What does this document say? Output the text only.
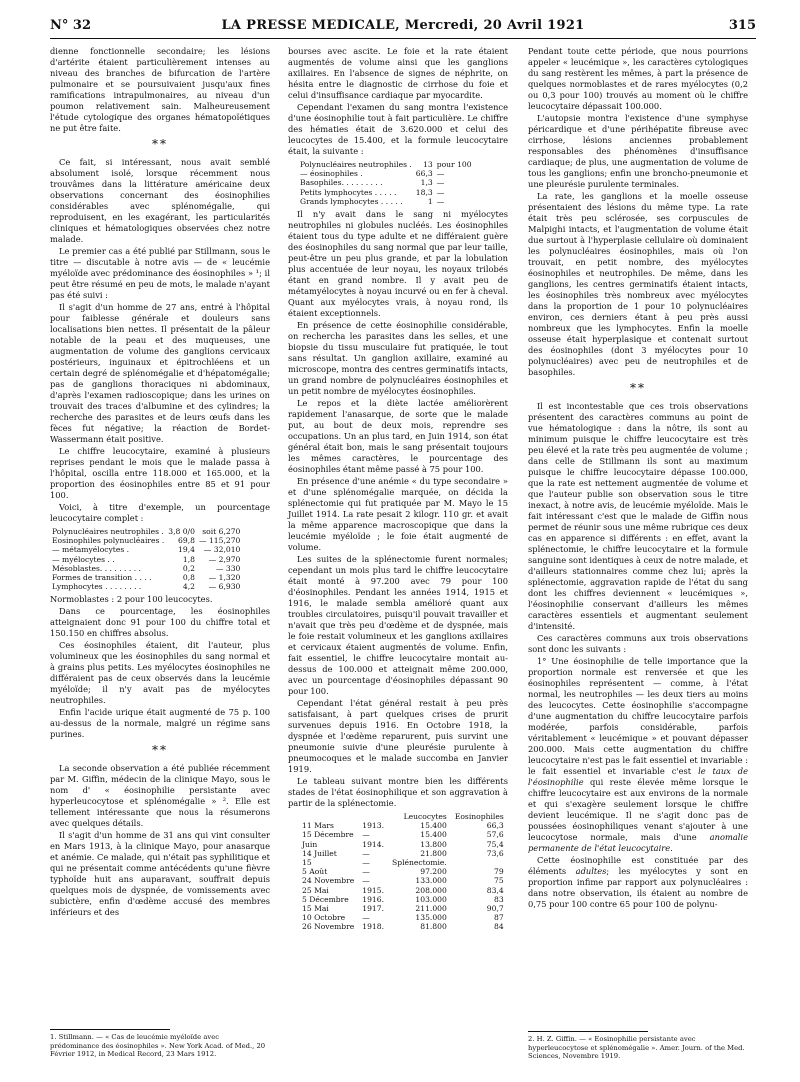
N° 32	LA PRESSE MEDICALE, Mercredi, 20 Avril 1921	315

dienne fonctionnelle secondaire; les lésions d'artérite étaient particulièrement intenses au niveau des branches de bifurcation de l'artère pulmonaire et se poursuivaient jusqu'aux fines ramifications intrapulmonaires, au niveau d'un poumon relativement sain. Malheureusement l'étude cytologique des organes hématopoïétiques ne put être faite.

**

Ce fait, si intéressant, nous avait semblé absolument isolé, lorsque récemment nous trouvâmes dans la littérature américaine deux observations concernant des éosinophilies considérables avec splénomégalie, qui reproduisent, en les exagérant, les particularités cliniques et hématologiques observées chez notre malade.

Le premier cas a été publié par Stillmann, sous le titre — discutable à notre avis — de « leucémie myéloïde avec prédominance des éosinophiles » ¹; il peut être résumé en peu de mots, le malade n'ayant pas été suivi :

Il s'agit d'un homme de 27 ans, entré à l'hôpital pour faiblesse générale et douleurs sans localisations bien nettes. Il présentait de la pâleur notable de la peau et des muqueuses, une augmentation de volume des ganglions cervicaux postérieurs, inguinaux et épitrochléens et un certain degré de splénomégalie et d'hépatomégalie; pas de ganglions thoraciques ni abdominaux, d'après l'examen radioscopique; dans les urines on trouvait des traces d'albumine et des cylindres; la recherche des parasites et de leurs œufs dans les fèces fut négative; la réaction de Bordet-Wassermann était positive.

Le chiffre leucocytaire, examiné à plusieurs reprises pendant le mois que le malade passa à l'hôpital, oscilla entre 118.000 et 165.000, et la proportion des éosinophiles entre 85 et 91 pour 100.

Voici, à titre d'exemple, un pourcentage leucocytaire complet :

Polynucléaires neutrophiles .	3,8 0/0	soit 6,270
Eosinophiles polynucléaires .	69,8	— 115,270
— métamyélocytes .	19,4	— 32,010
— myélocytes . .	1,8	— 2,970
Mésoblastes. . . . . . . . .	0,2	— 330
Formes de transition . . . .	0,8	— 1,320
Lymphocytes . . . . . . . .	4,2	— 6,930

Normoblastes : 2 pour 100 leucocytes.

Dans ce pourcentage, les éosinophiles atteignaient donc 91 pour 100 du chiffre total et 150.150 en chiffres absolus.

Ces éosinophiles étaient, dit l'auteur, plus volumineux que les éosinophiles du sang normal et à grains plus petits. Les myélocytes éosinophiles ne différaient pas de ceux observés dans la leucémie myéloïde; il n'y avait pas de myélocytes neutrophiles.

Enfin l'acide urique était augmenté de 75 p. 100 au-dessus de la normale, malgré un régime sans purines.

**

La seconde observation a été publiée récemment par M. Giffin, médecin de la clinique Mayo, sous le nom d' « éosinophilie persistante avec hyperleucocytose et splénomégalie » ². Elle est tellement intéressante que nous la résumerons avec quelques détails.

Il s'agit d'un homme de 31 ans qui vint consulter en Mars 1913, à la clinique Mayo, pour anasarque et anémie. Ce malade, qui n'était pas syphilitique et qui ne présentait comme antécédents qu'une fièvre typhoïde huit ans auparavant, souffrait depuis quelques mois de dyspnée, de vomissements avec subictère, enfin d'œdème accusé des membres inférieurs et des

bourses avec ascite. Le foie et la rate étaient augmentés de volume ainsi que les ganglions axillaires. En l'absence de signes de néphrite, on hésita entre le diagnostic de cirrhose du foie et celui d'insuffisance cardiaque par myocardite.

Cependant l'examen du sang montra l'existence d'une éosinophilie tout à fait particulière. Le chiffre des hématies était de 3.620.000 et celui des leucocytes de 15.400, et la formule leucocytaire était, la suivante :

Polynucléaires neutrophiles .	13	pour 100
— éosinophiles .	66,3	—
Basophiles. . . . . . . . .	1,3	—
Petits lymphocytes . . . . .	18,3	—
Grands lymphocytes . . . . .	1	—

Il n'y avait dans le sang ni myélocytes neutrophiles ni globules nucléés. Les éosinophiles étaient tous du type adulte et ne différaient guère des éosinophiles du sang normal que par leur taille, peut-être un peu plus grande, et par la lobulation plus accentuée de leur noyau, les noyaux trilobés étant en grand nombre. Il y avait peu de métamyélocytes à noyau incurvé ou en fer à cheval. Quant aux myélocytes vrais, à noyau rond, ils étaient exceptionnels.

En présence de cette éosinophilie considérable, on rechercha les parasites dans les selles, et une biopsie du tissu musculaire fut pratiquée, le tout sans résultat. Un ganglion axillaire, examiné au microscope, montra des centres germinatifs intacts, un grand nombre de polynucléaires éosinophiles et un petit nombre de myélocytes éosinophiles.

Le repos et la diète lactée améliorèrent rapidement l'anasarque, de sorte que le malade put, au bout de deux mois, reprendre ses occupations. Un an plus tard, en Juin 1914, son état général était bon, mais le sang présentait toujours les mêmes caractères, le pourcentage des éosinophiles étant même passé à 75 pour 100.

En présence d'une anémie « du type secondaire » et d'une splénomégalie marquée, on décida la splénectomie qui fut pratiquée par M. Mayo le 15 Juillet 1914. La rate pesait 2 kilogr. 110 gr. et avait la même apparence macroscopique que dans la leucémie myéloïde ; le foie était augmenté de volume.

Les suites de la splénectomie furent normales; cependant un mois plus tard le chiffre leucocytaire était monté à 97.200 avec 79 pour 100 d'éosinophiles. Pendant les années 1914, 1915 et 1916, le malade sembla amélioré quant aux troubles circulatoires, puisqu'il pouvait travailler et n'avait que très peu d'œdème et de dyspnée, mais le foie restait volumineux et les ganglions axillaires et cervicaux étaient augmentés de volume. Enfin, fait essentiel, le chiffre leucocytaire montait au-dessus de 100.000 et atteignait même 200.000, avec un pourcentage d'éosinophiles dépassant 90 pour 100.

Cependant l'état général restait à peu près satisfaisant, à part quelques crises de prurit survenues depuis 1916. En Octobre 1918, la dyspnée et l'œdème reparurent, puis survint une pneumonie suivie d'une pleurésie purulente à pneumocoques et le malade succomba en Janvier 1919.

Le tableau suivant montre bien les différents stades de l'état éosinophilique et son aggravation à partir de la splénectomie.

		Leucocytes	Eosinophiles
11 Mars	1913.	15.400	66,3
15 Décembre	—	15.400	57,6
Juin	1914.	13.800	75,4
14 Juillet	—	21.800	73,6
15	—	Splénectomie.	
5 Août	—	97.200	79
24 Novembre	—	133.000	75
25 Mai	1915.	208.000	83,4
5 Décembre	1916.	103.000	83
15 Mai	1917.	211.000	90,7
10 Octobre	—	135.000	87
26 Novembre	1918.	81.800	84

Pendant toute cette période, que nous pourrions appeler « leucémique », les caractères cytologiques du sang restèrent les mêmes, à part la présence de quelques normoblastes et de rares myélocytes (0,2 ou 0,3 pour 100) trouvés au moment où le chiffre leucocytaire dépassait 100.000.

L'autopsie montra l'existence d'une symphyse péricardique et d'une périhépatite fibreuse avec cirrhose, lésions anciennes probablement responsables des phénomènes d'insuffisance cardiaque; de plus, une augmentation de volume de tous les ganglions; enfin une broncho-pneumonie et une pleurésie purulente terminales.

La rate, les ganglions et la moelle osseuse présentaient des lésions du même type. La rate était très peu sclérosée, ses corpuscules de Malpighi intacts, et l'augmentation de volume était due surtout à l'hyperplasie cellulaire où dominaient les polynucléaires éosinophiles, mais où l'on trouvait, en petit nombre, des myélocytes éosinophiles et neutrophiles. De même, dans les ganglions, les centres germinatifs étaient intacts, les éosinophiles très nombreux avec myélocytes dans la proportion de 1 pour 10 polynucléaires environ, ces derniers étant à peu près aussi nombreux que les lymphocytes. Enfin la moelle osseuse était hyperplasique et contenait surtout des éosinophiles (dont 3 myélocytes pour 10 polynucléaires) avec peu de neutrophiles et de basophiles.

**

Il est incontestable que ces trois observations présentent des caractères communs au point de vue hématologique : dans la nôtre, ils sont au minimum puisque le chiffre leucocytaire est très peu élevé et la rate très peu augmentée de volume ; dans celle de Stillmann ils sont au maximum puisque le chiffre leucocytaire dépasse 100.000, que la rate est nettement augmentée de volume et que l'auteur publie son observation sous le titre inexact, à notre avis, de leucémie myéloïde. Mais le fait intéressant c'est que le malade de Giffin nous permet de réunir sous une même rubrique ces deux cas en apparence si différents : en effet, avant la splénectomie, le chiffre leucocytaire et la formule sanguine sont identiques à ceux de notre malade, et d'ailleurs stationnaires comme chez lui; après la splénectomie, aggravation rapide de l'état du sang dont les chiffres deviennent « leucémiques », l'éosinophilie conservant d'ailleurs les mêmes caractères essentiels et augmentant seulement d'intensité.

Ces caractères communs aux trois observations sont donc les suivants :

1° Une éosinophilie de telle importance que la proportion normale est renversée et que les éosinophiles représentent — comme, à l'état normal, les neutrophiles — les deux tiers au moins des leucocytes. Cette éosinophilie s'accompagne d'une augmentation du chiffre leucocytaire parfois modérée, parfois considérable, parfois véritablement « leucémique » et pouvant dépasser 200.000. Mais cette augmentation du chiffre leucocytaire n'est pas le fait essentiel et invariable : le fait essentiel et invariable c'est le taux de l'éosinophilie qui reste élevée même lorsque le chiffre leucocytaire est aux environs de la normale et qui s'exagère seulement lorsque le chiffre devient leucémique. Il ne s'agit donc pas de poussées éosinophiliques venant s'ajouter à une leucocytose normale, mais d'une anomalie permanente de l'état leucocytaire.

Cette éosinophilie est constituée par des éléments adultes; les myélocytes y sont en proportion infime par rapport aux polynucléaires : dans notre observation, ils étaient au nombre de 0,75 pour 100 contre 65 pour 100 de polynu-

1. Stillmann. — « Cas de leucémie myéloïde avec prédominance des éosinophiles ». New York Acad. of Med., 20 Février 1912, in Medical Record, 23 Mars 1912.
2. H. Z. Giffin. — « Eosinophilie persistante avec hyperleucocytose et splénomégalie ». Amer. Journ. of the Med. Sciences, Novembre 1919.
